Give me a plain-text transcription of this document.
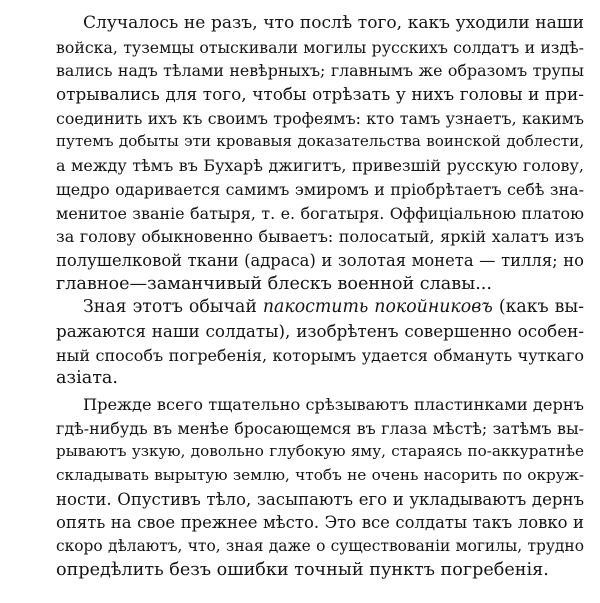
Случалось не разъ, что послѣ того, какъ уходили наши
войска, туземцы отыскивали могилы русскихъ солдатъ и издѣ-
вались надъ тѣлами невѣрныхъ; главнымъ же образомъ трупы
отрывались для того, чтобы отрѣзать у нихъ головы и при-
соединить ихъ къ своимъ трофеямъ: кто тамъ узнаетъ, какимъ
путемъ добыты эти кровавыя доказательства воинской доблести,
а между тѣмъ въ Бухарѣ джигитъ, привезшій русскую голову,
щедро одаривается самимъ эмиромъ и пріобрѣтаетъ себѣ зна-
менитое званіе батыря, т. е. богатыря. Оффиціальною платою
за голову обыкновенно бываетъ: полосатый, яркій халатъ изъ
полушелковой ткани (адраса) и золотая монета — тилля; но
главное—заманчивый блескъ военной славы...
Зная этотъ обычай пакостить покойниковъ (какъ вы-
ражаются наши солдаты), изобрѣтенъ совершенно особен-
ный способъ погребенія, которымъ удается обмануть чуткаго
азіата.
Прежде всего тщательно срѣзываютъ пластинками дернъ
гдѣ-нибудь въ менѣе бросающемся въ глаза мѣстѣ; затѣмъ вы-
рываютъ узкую, довольно глубокую яму, стараясь по-аккуратнѣе
складывать вырытую землю, чтобъ не очень насорить по окруж-
ности. Опустивъ тѣло, засыпаютъ его и укладываютъ дернъ
опять на свое прежнее мѣсто. Это все солдаты такъ ловко и
скоро дѣлаютъ, что, зная даже о существованіи могилы, трудно
опредѣлить безъ ошибки точный пунктъ погребенія.
